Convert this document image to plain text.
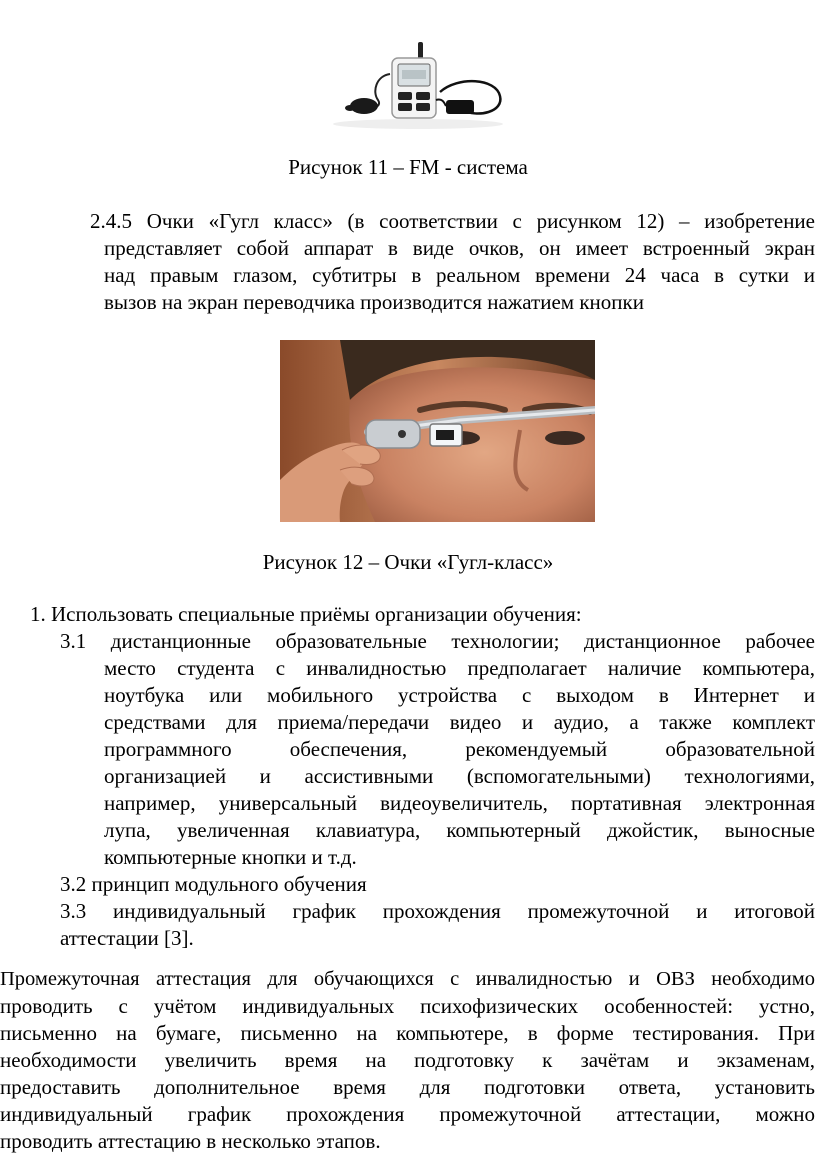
Рисунок 11 – FM - система
2.4.5 Очки «Гугл класс» (в соответствии с рисунком 12) – изобретение
представляет собой аппарат в виде очков, он имеет встроенный экран
над правым глазом, субтитры в реальном времени 24 часа в сутки и
вызов на экран переводчика производится нажатием кнопки
Рисунок 12 – Очки «Гугл-класс»
1. Использовать специальные приёмы организации обучения:
3.1 дистанционные образовательные технологии; дистанционное рабочее
место студента с инвалидностью предполагает наличие компьютера,
ноутбука или мобильного устройства с выходом в Интернет и
средствами для приема/передачи видео и аудио, а также комплект
программного обеспечения, рекомендуемый образовательной
организацией и ассистивными (вспомогательными) технологиями,
например, универсальный видеоувеличитель, портативная электронная
лупа, увеличенная клавиатура, компьютерный джойстик, выносные
компьютерные кнопки и т.д.
3.2 принцип модульного обучения
3.3 индивидуальный график прохождения промежуточной и итоговой
аттестации [3].
Промежуточная аттестация для обучающихся с инвалидностью и ОВЗ необходимо
проводить с учётом индивидуальных психофизических особенностей: устно,
письменно на бумаге, письменно на компьютере, в форме тестирования. При
необходимости увеличить время на подготовку к зачётам и экзаменам,
предоставить дополнительное время для подготовки ответа, установить
индивидуальный график прохождения промежуточной аттестации, можно
проводить аттестацию в несколько этапов.
